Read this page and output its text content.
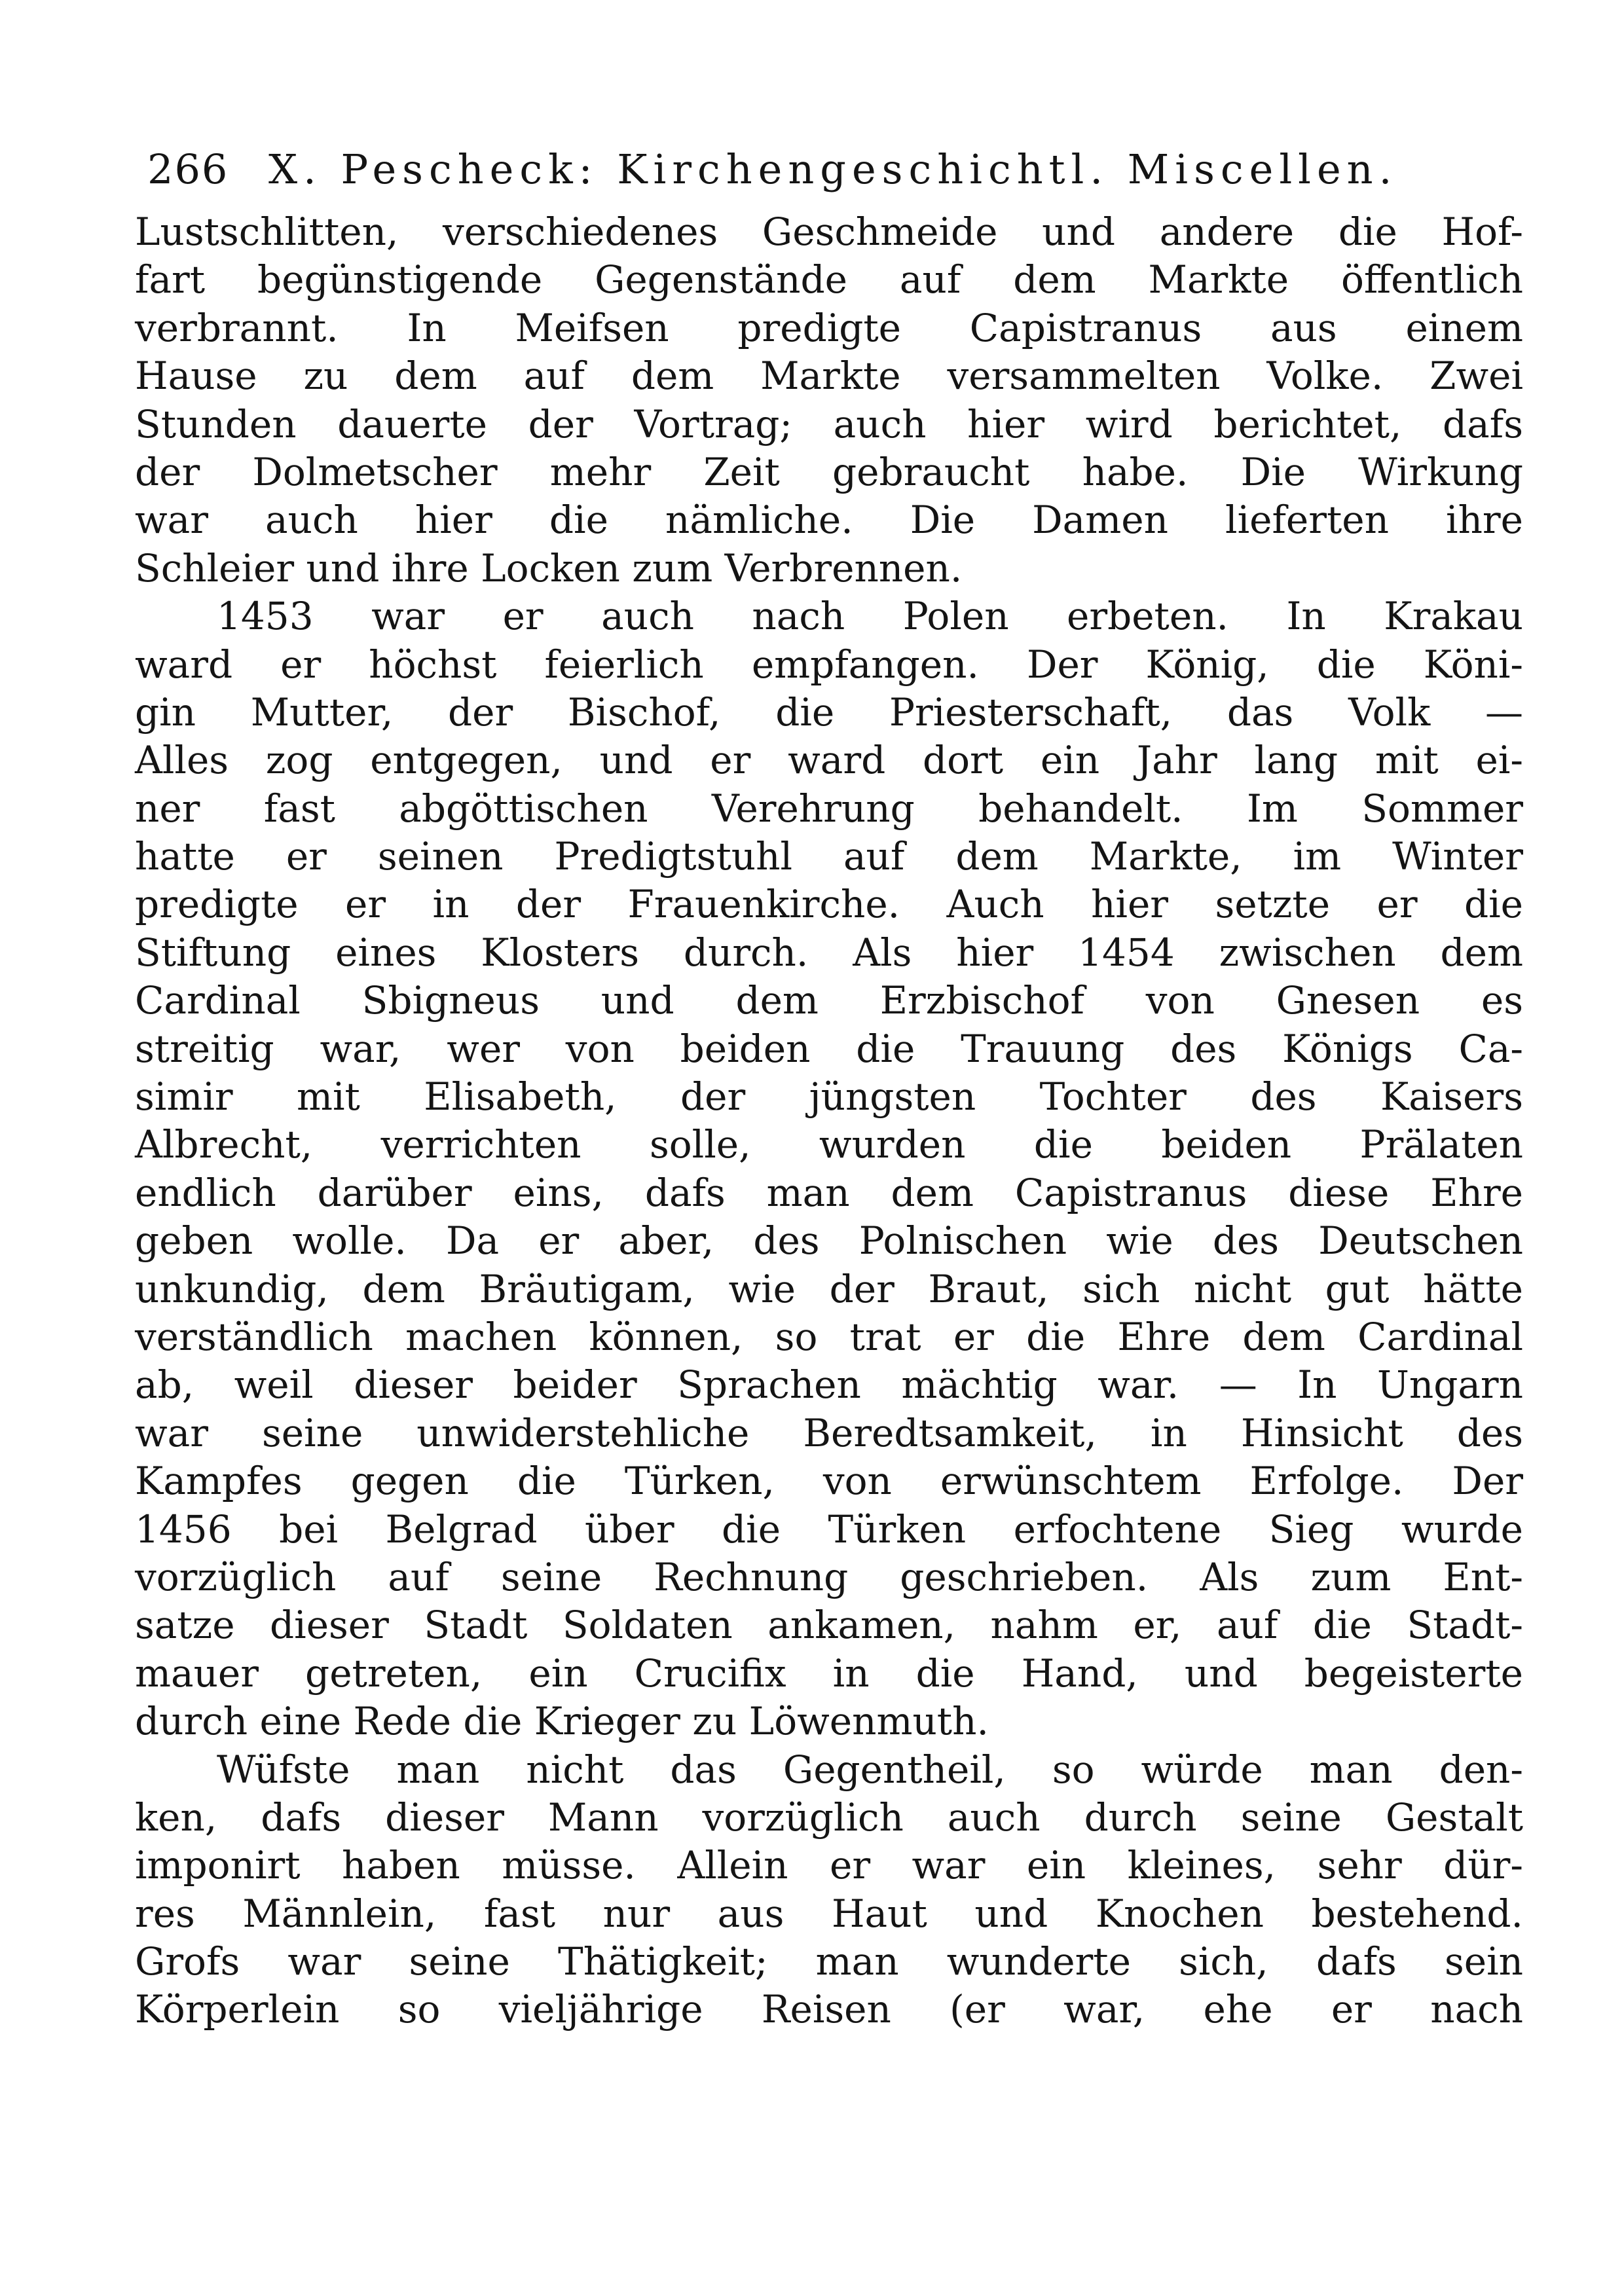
266 X. Pescheck: Kirchengeschichtl. Miscellen.
Lustschlitten, verschiedenes Geschmeide und andere die Hof-
fart begünstigende Gegenstände auf dem Markte öffentlich
verbrannt. In Meifsen predigte Capistranus aus einem
Hause zu dem auf dem Markte versammelten Volke. Zwei
Stunden dauerte der Vortrag; auch hier wird berichtet, dafs
der Dolmetscher mehr Zeit gebraucht habe. Die Wirkung
war auch hier die nämliche. Die Damen lieferten ihre
Schleier und ihre Locken zum Verbrennen.
1453 war er auch nach Polen erbeten. In Krakau
ward er höchst feierlich empfangen. Der König, die Köni-
gin Mutter, der Bischof, die Priesterschaft, das Volk —
Alles zog entgegen, und er ward dort ein Jahr lang mit ei-
ner fast abgöttischen Verehrung behandelt. Im Sommer
hatte er seinen Predigtstuhl auf dem Markte, im Winter
predigte er in der Frauenkirche. Auch hier setzte er die
Stiftung eines Klosters durch. Als hier 1454 zwischen dem
Cardinal Sbigneus und dem Erzbischof von Gnesen es
streitig war, wer von beiden die Trauung des Königs Ca-
simir mit Elisabeth, der jüngsten Tochter des Kaisers
Albrecht, verrichten solle, wurden die beiden Prälaten
endlich darüber eins, dafs man dem Capistranus diese Ehre
geben wolle. Da er aber, des Polnischen wie des Deutschen
unkundig, dem Bräutigam, wie der Braut, sich nicht gut hätte
verständlich machen können, so trat er die Ehre dem Cardinal
ab, weil dieser beider Sprachen mächtig war. — In Ungarn
war seine unwiderstehliche Beredtsamkeit, in Hinsicht des
Kampfes gegen die Türken, von erwünschtem Erfolge. Der
1456 bei Belgrad über die Türken erfochtene Sieg wurde
vorzüglich auf seine Rechnung geschrieben. Als zum Ent-
satze dieser Stadt Soldaten ankamen, nahm er, auf die Stadt-
mauer getreten, ein Crucifix in die Hand, und begeisterte
durch eine Rede die Krieger zu Löwenmuth.
Wüfste man nicht das Gegentheil, so würde man den-
ken, dafs dieser Mann vorzüglich auch durch seine Gestalt
imponirt haben müsse. Allein er war ein kleines, sehr dür-
res Männlein, fast nur aus Haut und Knochen bestehend.
Grofs war seine Thätigkeit; man wunderte sich, dafs sein
Körperlein so vieljährige Reisen (er war, ehe er nach
